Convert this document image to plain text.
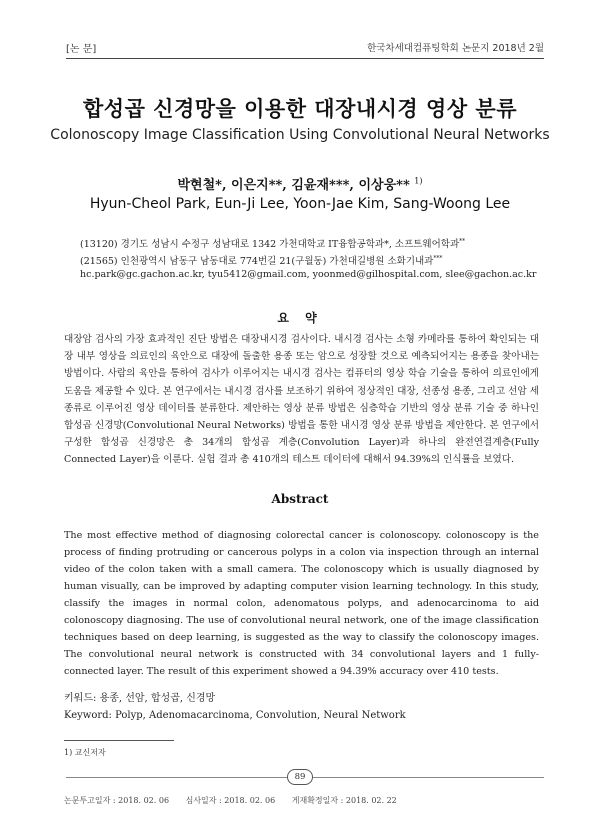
[논 문]	한국차세대컴퓨팅학회 논문지 2018년 2월
합성곱 신경망을 이용한 대장내시경 영상 분류
Colonoscopy Image Classification Using Convolutional Neural Networks
박현철*, 이은지**, 김윤재***, 이상웅** $^{1)}$
Hyun-Cheol Park, Eun-Ji Lee, Yoon-Jae Kim, Sang-Woong Lee
(13120) 경기도 성남시 수정구 성남대로 1342 가천대학교 IT융합공학과*, 소프트웨어학과**
(21565) 인천광역시 남동구 남동대로 774번길 21(구월동) 가천대길병원 소화기내과***
hc.park@gc.gachon.ac.kr, tyu5412@gmail.com, yoonmed@gilhospital.com, slee@gachon.ac.kr
요 약
대장암 검사의 가장 효과적인 진단 방법은 대장내시경 검사이다. 내시경 검사는 소형 카메라를 통하여 확인되는 대장 내부 영상을 의료인의 육안으로 대장에 돌출한 용종 또는 암으로 성장할 것으로 예측되어지는 용종을 찾아내는 방법이다. 사람의 육안을 통하여 검사가 이루어지는 내시경 검사는 컴퓨터의 영상 학습 기술을 통하여 의료인에게 도움을 제공할 수 있다. 본 연구에서는 내시경 검사를 보조하기 위하여 정상적인 대장, 선종성 용종, 그리고 선암 세 종류로 이루어진 영상 데이터를 분류한다. 제안하는 영상 분류 방법은 심층학습 기반의 영상 분류 기술 중 하나인 합성곱 신경망(Convolutional Neural Networks) 방법을 통한 내시경 영상 분류 방법을 제안한다. 본 연구에서 구성한 합성곱 신경망은 총 34개의 합성곱 계층(Convolution Layer)과 하나의 완전연결계층(Fully Connected Layer)을 이룬다. 실험 결과 총 410개의 테스트 데이터에 대해서 94.39%의 인식률을 보였다.
Abstract
The most effective method of diagnosing colorectal cancer is colonoscopy. colonoscopy is the process of finding protruding or cancerous polyps in a colon via inspection through an internal video of the colon taken with a small camera. The colonoscopy which is usually diagnosed by human visually, can be improved by adapting computer vision learning technology. In this study, classify the images in normal colon, adenomatous polyps, and adenocarcinoma to aid colonoscopy diagnosing. The use of convolutional neural network, one of the image classification techniques based on deep learning, is suggested as the way to classify the colonoscopy images. The convolutional neural network is constructed with 34 convolutional layers and 1 fully-connected layer. The result of this experiment showed a 94.39% accuracy over 410 tests.
키워드: 용종, 선암, 합성곱, 신경망
Keyword: Polyp, Adenomacarcinoma, Convolution, Neural Network
1) 교신저자
89
논문투고일자 : 2018. 02. 06 심사일자 : 2018. 02. 06 게재확정일자 : 2018. 02. 22
